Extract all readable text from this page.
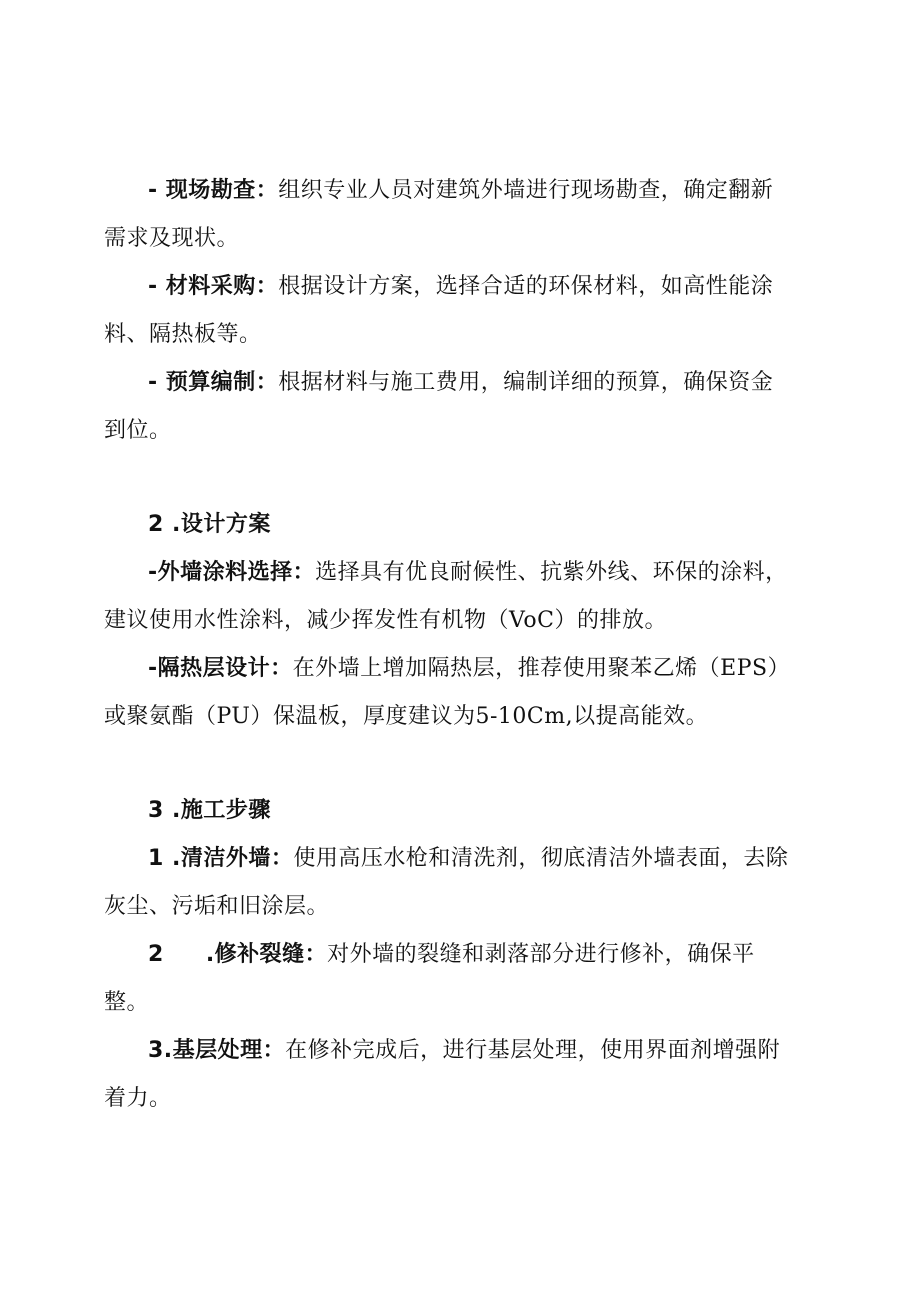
- 现场勘查：组织专业人员对建筑外墙进行现场勘查，确定翻新
需求及现状。
- 材料采购：根据设计方案，选择合适的环保材料，如高性能涂
料、隔热板等。
- 预算编制：根据材料与施工费用，编制详细的预算，确保资金
到位。
2 .设计方案
-外墙涂料选择：选择具有优良耐候性、抗紫外线、环保的涂料，
建议使用水性涂料，减少挥发性有机物（VoC）的排放。
-隔热层设计：在外墙上增加隔热层，推荐使用聚苯乙烯（EPS）
或聚氨酯（PU）保温板，厚度建议为5-10Cm,以提高能效。
3 .施工步骤
1 .清洁外墙：使用高压水枪和清洗剂，彻底清洁外墙表面，去除
灰尘、污垢和旧涂层。
2 .修补裂缝：对外墙的裂缝和剥落部分进行修补，确保平
整。
3.基层处理：在修补完成后，进行基层处理，使用界面剂增强附
着力。
